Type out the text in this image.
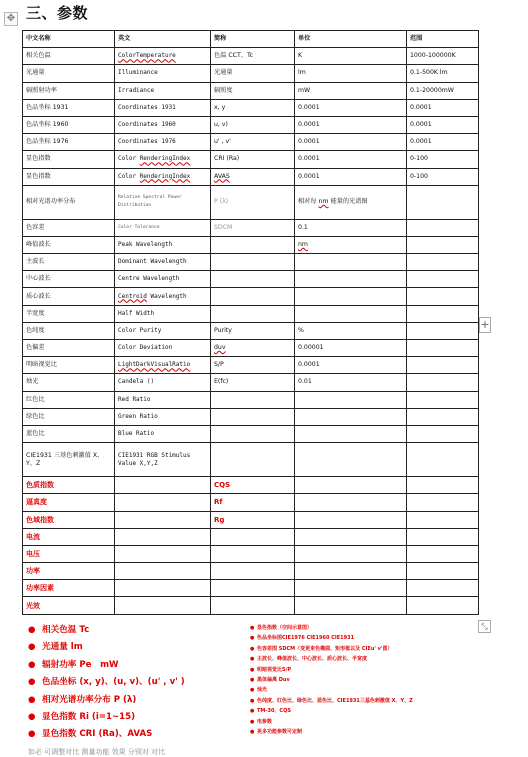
✥ 三、参数
中文名称	英文	简称	单位	范围
相关色温	ColorTemperature	色温 CCT、Tc	K	1000-100000K
光通量	Illuminance	光通量	lm	0.1-500K lm
辐照射功率	Irradiance	辐照度	mW	0.1-20000mW
色品坐标 1931	Coordinates 1931	x, y	0.0001	0.0001
色品坐标 1960	Coordinates 1960	u, v)	0.0001	0.0001
色品坐标 1976	Coordinates 1976	u' , v'	0.0001	0.0001
显色指数	Color RenderingIndex	CRI (Ra)	0.0001	0-100
显色指数	Color RenderingIndex	AVAS	0.0001	0-100
相对光谱功率分布	Relative Spectral Power Distribution	P (λ)	相对每 nm 能量的光谱图	
色容差	Color Tolerance	SDCM	0.1	
峰值波长	Peak Wavelength		nm	
主波长	Dominant Wavelength			
中心波长	Centre Wavelength			
质心波长	Centroid Wavelength			
半宽度	Half Width			
色纯度	Color Purity	Purity	%	
色偏差	Color Deviation	duv	0.00001	
明暗视觉比	LightDarkVisualRatio	S/P	0.0001	
烛光	Candela ()	E(fc)	0.01	
红色比	Red Ratio			
绿色比	Green Ratio			
蓝色比	Blue Ratio			
CIE1931 三基色刺激值 X、Y、Z	CIE1931 RGB Stimulus Value X,Y,Z			
色质指数		CQS		
逼真度		Rf		
色域指数		Rg		
电流				
电压				
功率				
功率因素				
光效				
+
⤡
● 相关色温 Tc
● 光通量 lm
● 辐射功率 Pe　mW
● 色品坐标 (x, y)、(u, v)、(u' , v' )
● 相对光谱功率分布 P (λ)
● 显色指数 Ri (i=1~15)
● 显色指数 CRI (Ra)、AVAS
● 显色指数（空间示意图）
● 色品坐标图CIE1976 CIE1960 CIE1931
● 色容差图 SDCM（变更束色椭圆、矩形框以及 CIEu' v'图）
● 主波长、峰值波长、中心波长、质心波长、半宽度
● 明暗视觉比S/P
● 黑体偏离 Duv
● 烛光
● 色纯度、红色比、绿色比、蓝色比、CIE1931三基色刺激值 X、Y、Z
● TM-30、CQS
● 电参数
● 更多功能参数可定制
如必 可调整对比 测量功能 效果 分别对 对比
